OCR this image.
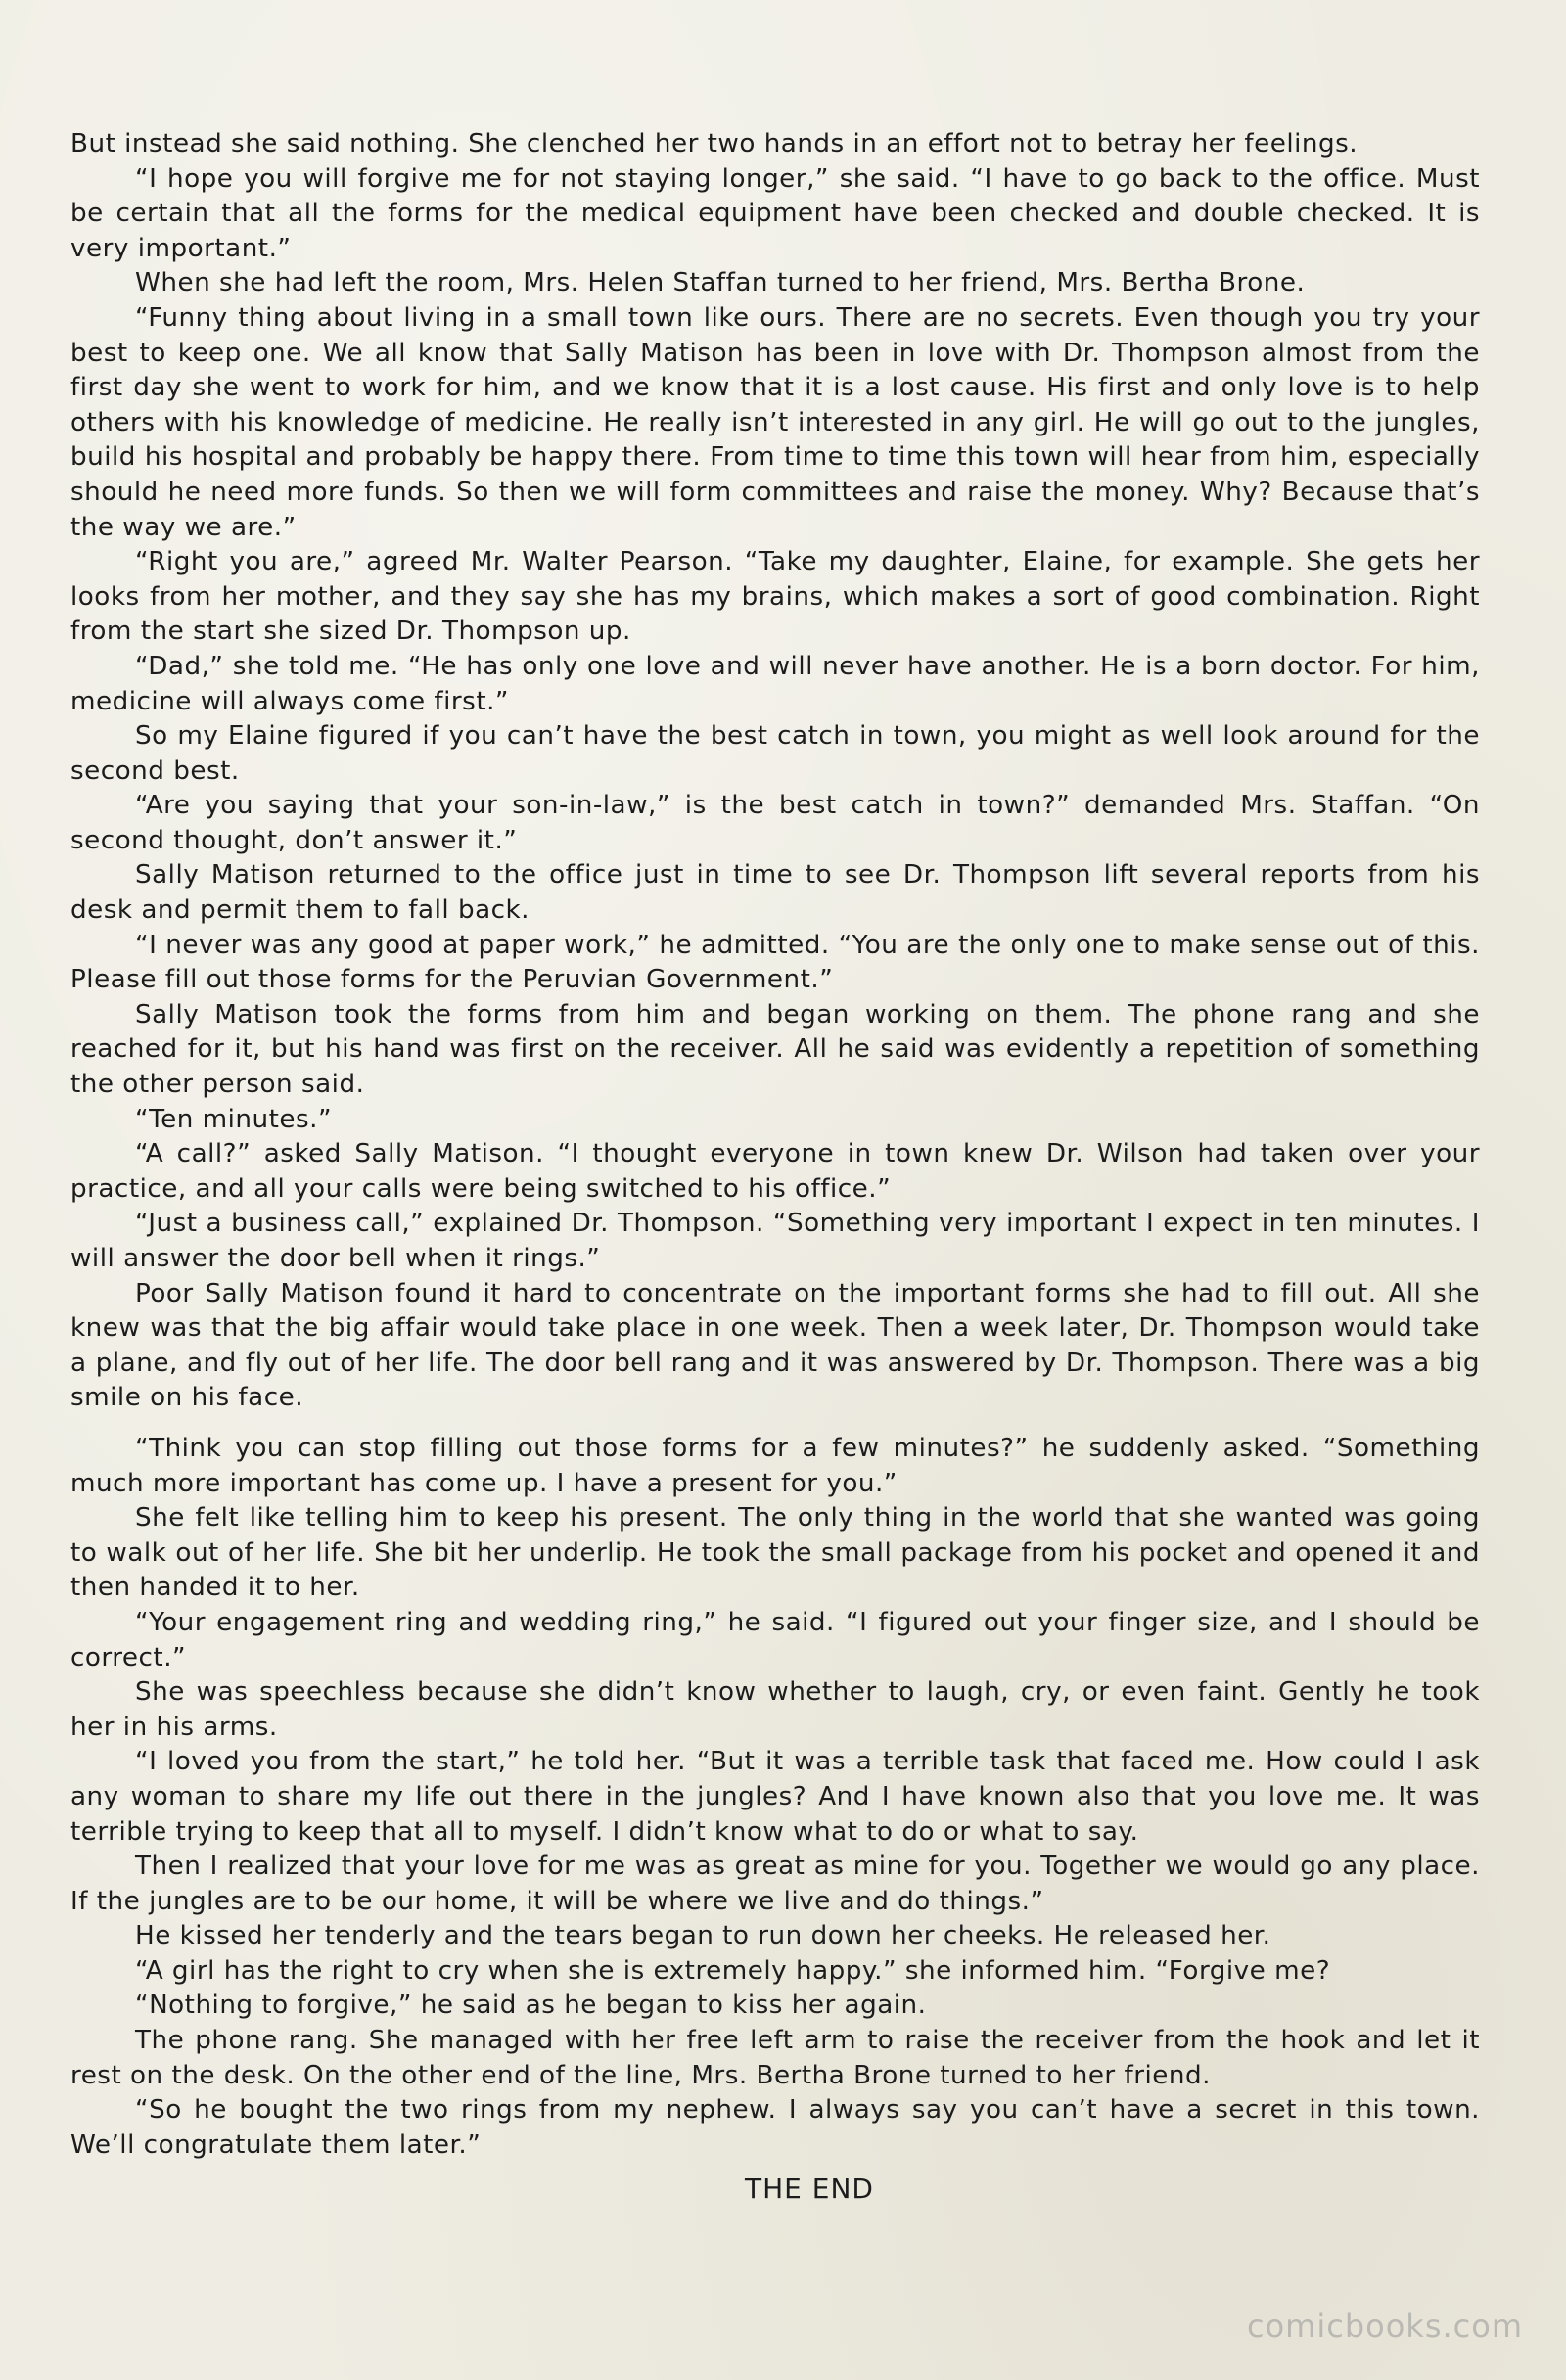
But instead she said nothing. She clenched her two hands in an effort not to betray her feelings.

“I hope you will forgive me for not staying longer,” she said. “I have to go back to the office. Must be certain that all the forms for the medical equipment have been checked and double checked. It is very important.”

When she had left the room, Mrs. Helen Staffan turned to her friend, Mrs. Bertha Brone.

“Funny thing about living in a small town like ours. There are no secrets. Even though you try your best to keep one. We all know that Sally Matison has been in love with Dr. Thompson almost from the first day she went to work for him, and we know that it is a lost cause. His first and only love is to help others with his knowledge of medicine. He really isn’t interested in any girl. He will go out to the jungles, build his hospital and probably be happy there. From time to time this town will hear from him, especially should he need more funds. So then we will form committees and raise the money. Why? Because that’s the way we are.”

“Right you are,” agreed Mr. Walter Pearson. “Take my daughter, Elaine, for example. She gets her looks from her mother, and they say she has my brains, which makes a sort of good combination. Right from the start she sized Dr. Thompson up.

“Dad,” she told me. “He has only one love and will never have another. He is a born doctor. For him, medicine will always come first.”

So my Elaine figured if you can’t have the best catch in town, you might as well look around for the second best.

“Are you saying that your son-in-law,” is the best catch in town?” demanded Mrs. Staffan. “On second thought, don’t answer it.”

Sally Matison returned to the office just in time to see Dr. Thompson lift several reports from his desk and permit them to fall back.

“I never was any good at paper work,” he admitted. “You are the only one to make sense out of this. Please fill out those forms for the Peruvian Government.”

Sally Matison took the forms from him and began working on them. The phone rang and she reached for it, but his hand was first on the receiver. All he said was evidently a repetition of something the other person said.

“Ten minutes.”

“A call?” asked Sally Matison. “I thought everyone in town knew Dr. Wilson had taken over your practice, and all your calls were being switched to his office.”

“Just a business call,” explained Dr. Thompson. “Something very important I expect in ten minutes. I will answer the door bell when it rings.”

Poor Sally Matison found it hard to concentrate on the important forms she had to fill out. All she knew was that the big affair would take place in one week. Then a week later, Dr. Thompson would take a plane, and fly out of her life. The door bell rang and it was answered by Dr. Thompson. There was a big smile on his face.

“Think you can stop filling out those forms for a few minutes?” he suddenly asked. “Something much more important has come up. I have a present for you.”

She felt like telling him to keep his present. The only thing in the world that she wanted was going to walk out of her life. She bit her underlip. He took the small package from his pocket and opened it and then handed it to her.

“Your engagement ring and wedding ring,” he said. “I figured out your finger size, and I should be correct.”

She was speechless because she didn’t know whether to laugh, cry, or even faint. Gently he took her in his arms.

“I loved you from the start,” he told her. “But it was a terrible task that faced me. How could I ask any woman to share my life out there in the jungles? And I have known also that you love me. It was terrible trying to keep that all to myself. I didn’t know what to do or what to say.

Then I realized that your love for me was as great as mine for you. Together we would go any place. If the jungles are to be our home, it will be where we live and do things.”

He kissed her tenderly and the tears began to run down her cheeks. He released her.

“A girl has the right to cry when she is extremely happy.” she informed him. “Forgive me?

“Nothing to forgive,” he said as he began to kiss her again.

The phone rang. She managed with her free left arm to raise the receiver from the hook and let it rest on the desk. On the other end of the line, Mrs. Bertha Brone turned to her friend.

“So he bought the two rings from my nephew. I always say you can’t have a secret in this town. We’ll congratulate them later.”

THE END
comicbooks.com
